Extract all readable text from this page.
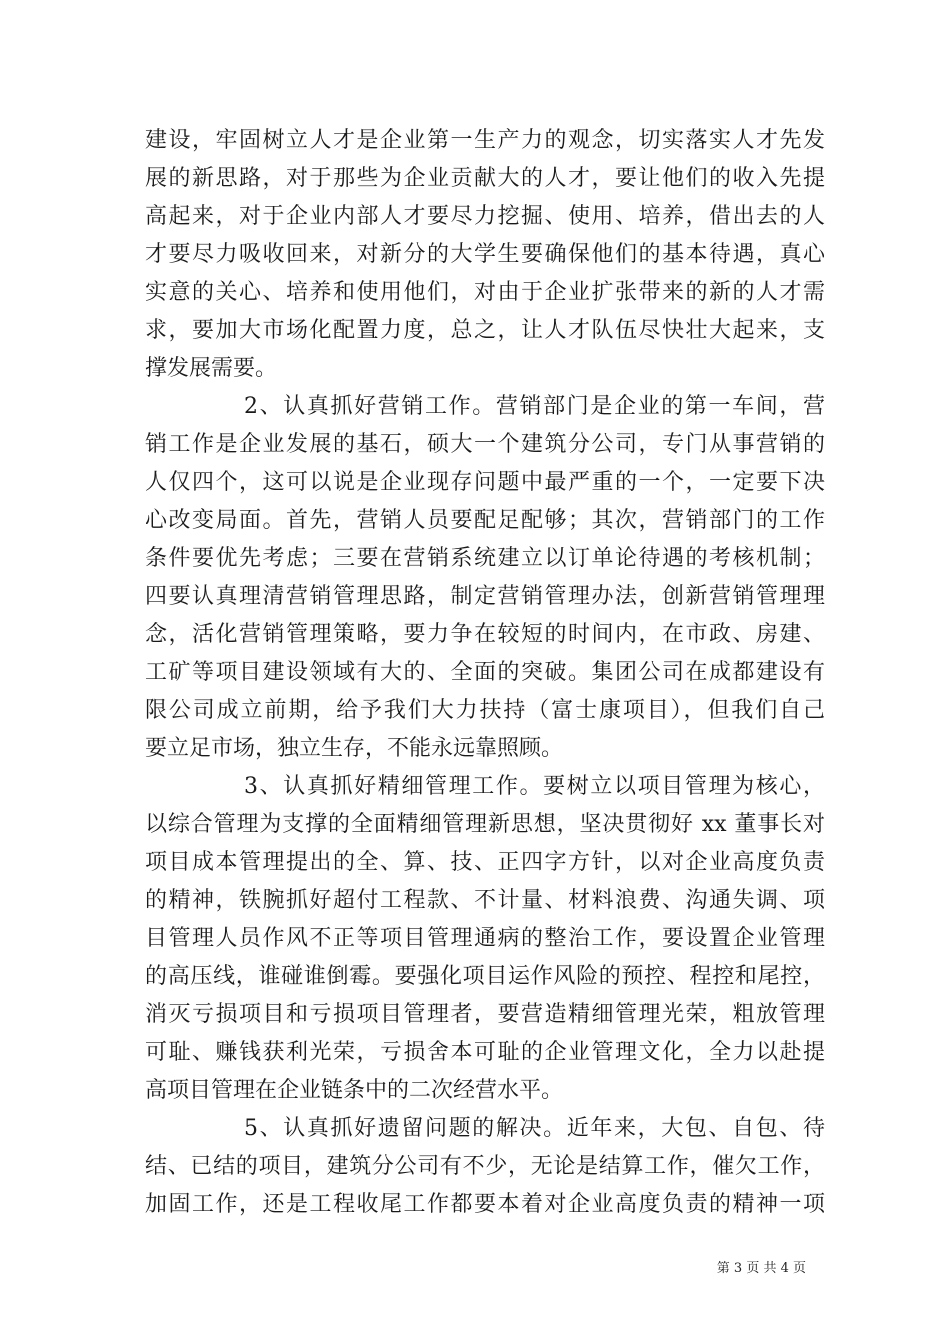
建设，牢固树立人才是企业第一生产力的观念，切实落实人才先发
展的新思路，对于那些为企业贡献大的人才，要让他们的收入先提
高起来，对于企业内部人才要尽力挖掘、使用、培养，借出去的人
才要尽力吸收回来，对新分的大学生要确保他们的基本待遇，真心
实意的关心、培养和使用他们，对由于企业扩张带来的新的人才需
求，要加大市场化配置力度，总之，让人才队伍尽快壮大起来，支
撑发展需要。
2、认真抓好营销工作。营销部门是企业的第一车间，营
销工作是企业发展的基石，硕大一个建筑分公司，专门从事营销的
人仅四个，这可以说是企业现存问题中最严重的一个，一定要下决
心改变局面。首先，营销人员要配足配够；其次，营销部门的工作
条件要优先考虑；三要在营销系统建立以订单论待遇的考核机制；
四要认真理清营销管理思路，制定营销管理办法，创新营销管理理
念，活化营销管理策略，要力争在较短的时间内，在市政、房建、
工矿等项目建设领域有大的、全面的突破。集团公司在成都建设有
限公司成立前期，给予我们大力扶持（富士康项目），但我们自己
要立足市场，独立生存，不能永远靠照顾。
3、认真抓好精细管理工作。要树立以项目管理为核心，
以综合管理为支撑的全面精细管理新思想，坚决贯彻好 xx 董事长对
项目成本管理提出的全、算、技、正四字方针，以对企业高度负责
的精神，铁腕抓好超付工程款、不计量、材料浪费、沟通失调、项
目管理人员作风不正等项目管理通病的整治工作，要设置企业管理
的高压线，谁碰谁倒霉。要强化项目运作风险的预控、程控和尾控，
消灭亏损项目和亏损项目管理者，要营造精细管理光荣，粗放管理
可耻、赚钱获利光荣，亏损舍本可耻的企业管理文化，全力以赴提
高项目管理在企业链条中的二次经营水平。
5、认真抓好遗留问题的解决。近年来，大包、自包、待
结、已结的项目，建筑分公司有不少，无论是结算工作，催欠工作，
加固工作，还是工程收尾工作都要本着对企业高度负责的精神一项
第 3 页 共 4 页
